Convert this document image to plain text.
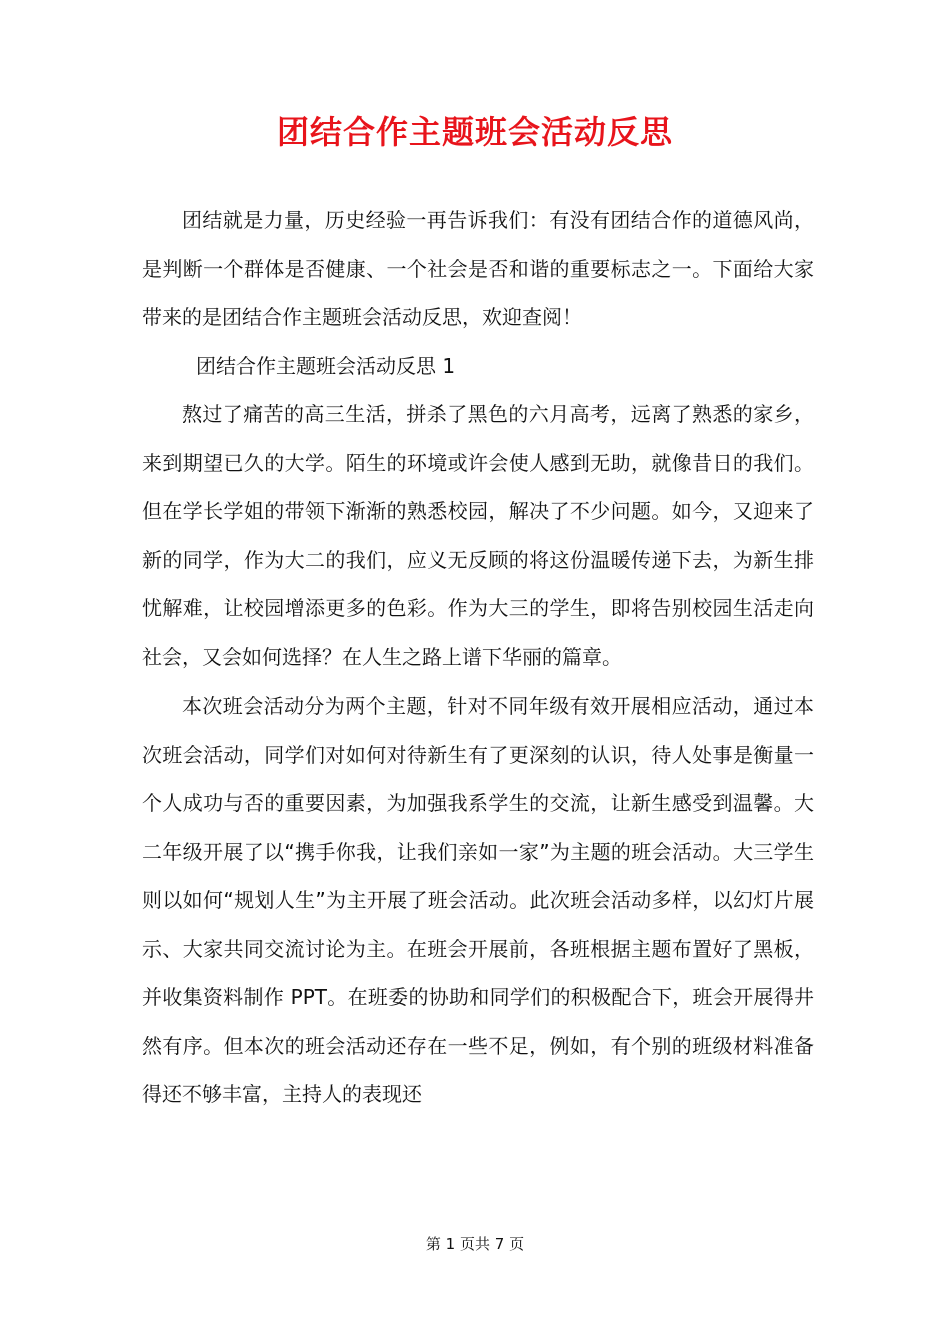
团结合作主题班会活动反思

团结就是力量，历史经验一再告诉我们：有没有团结合作的道德风尚，是判断一个群体是否健康、一个社会是否和谐的重要标志之一。下面给大家带来的是团结合作主题班会活动反思，欢迎查阅！

团结合作主题班会活动反思 1

熬过了痛苦的高三生活，拼杀了黑色的六月高考，远离了熟悉的家乡，来到期望已久的大学。陌生的环境或许会使人感到无助，就像昔日的我们。但在学长学姐的带领下渐渐的熟悉校园，解决了不少问题。如今，又迎来了新的同学，作为大二的我们，应义无反顾的将这份温暖传递下去，为新生排忧解难，让校园增添更多的色彩。作为大三的学生，即将告别校园生活走向社会，又会如何选择？在人生之路上谱下华丽的篇章。

本次班会活动分为两个主题，针对不同年级有效开展相应活动，通过本次班会活动，同学们对如何对待新生有了更深刻的认识，待人处事是衡量一个人成功与否的重要因素，为加强我系学生的交流，让新生感受到温馨。大二年级开展了以“携手你我，让我们亲如一家”为主题的班会活动。大三学生则以如何“规划人生”为主开展了班会活动。此次班会活动多样，以幻灯片展示、大家共同交流讨论为主。在班会开展前，各班根据主题布置好了黑板，并收集资料制作 PPT。在班委的协助和同学们的积极配合下，班会开展得井然有序。但本次的班会活动还存在一些不足，例如，有个别的班级材料准备得还不够丰富，主持人的表现还

第 1 页共 7 页
